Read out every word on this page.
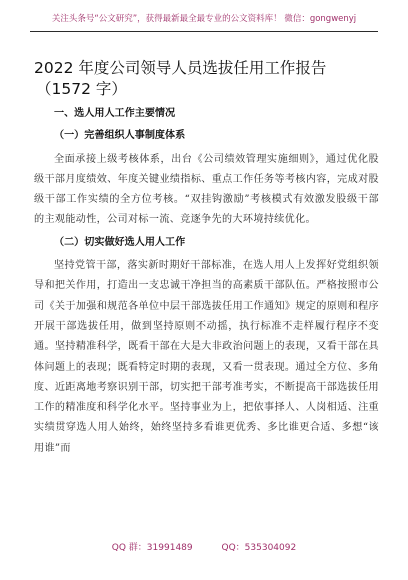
关注头条号“公文研究”，获得最新最全最专业的公文资料库！ 微信：gongwenyj
2022 年度公司领导人员选拔任用工作报告
（1572 字）

一、选人用人工作主要情况

（一）完善组织人事制度体系

全面承接上级考核体系，出台《公司绩效管理实施细则》，通过优化股级干部月度绩效、年度关键业绩指标、重点工作任务等考核内容，完成对股级干部工作实绩的全方位考核。“双挂钩激励”考核模式有效激发股级干部的主观能动性，公司对标一流、竞逐争先的大环境持续优化。

（二）切实做好选人用人工作

坚持党管干部，落实新时期好干部标准，在选人用人上发挥好党组织领导和把关作用，打造出一支忠诚干净担当的高素质干部队伍。严格按照市公司《关于加强和规范各单位中层干部选拔任用工作通知》规定的原则和程序开展干部选拔任用，做到坚持原则不动摇，执行标准不走样履行程序不变通。坚持精准科学，既看干部在大是大非政治问题上的表现，又看干部在具体问题上的表现；既看特定时期的表现，又看一贯表现。通过全方位、多角度、近距离地考察识别干部，切实把干部考准考实，不断提高干部选拔任用工作的精准度和科学化水平。坚持事业为上，把依事择人、人岗相适、注重实绩贯穿选人用人始终，始终坚持多看谁更优秀、多比谁更合适、多想“该用谁”而

QQ 群：31991489	QQ：535304092
